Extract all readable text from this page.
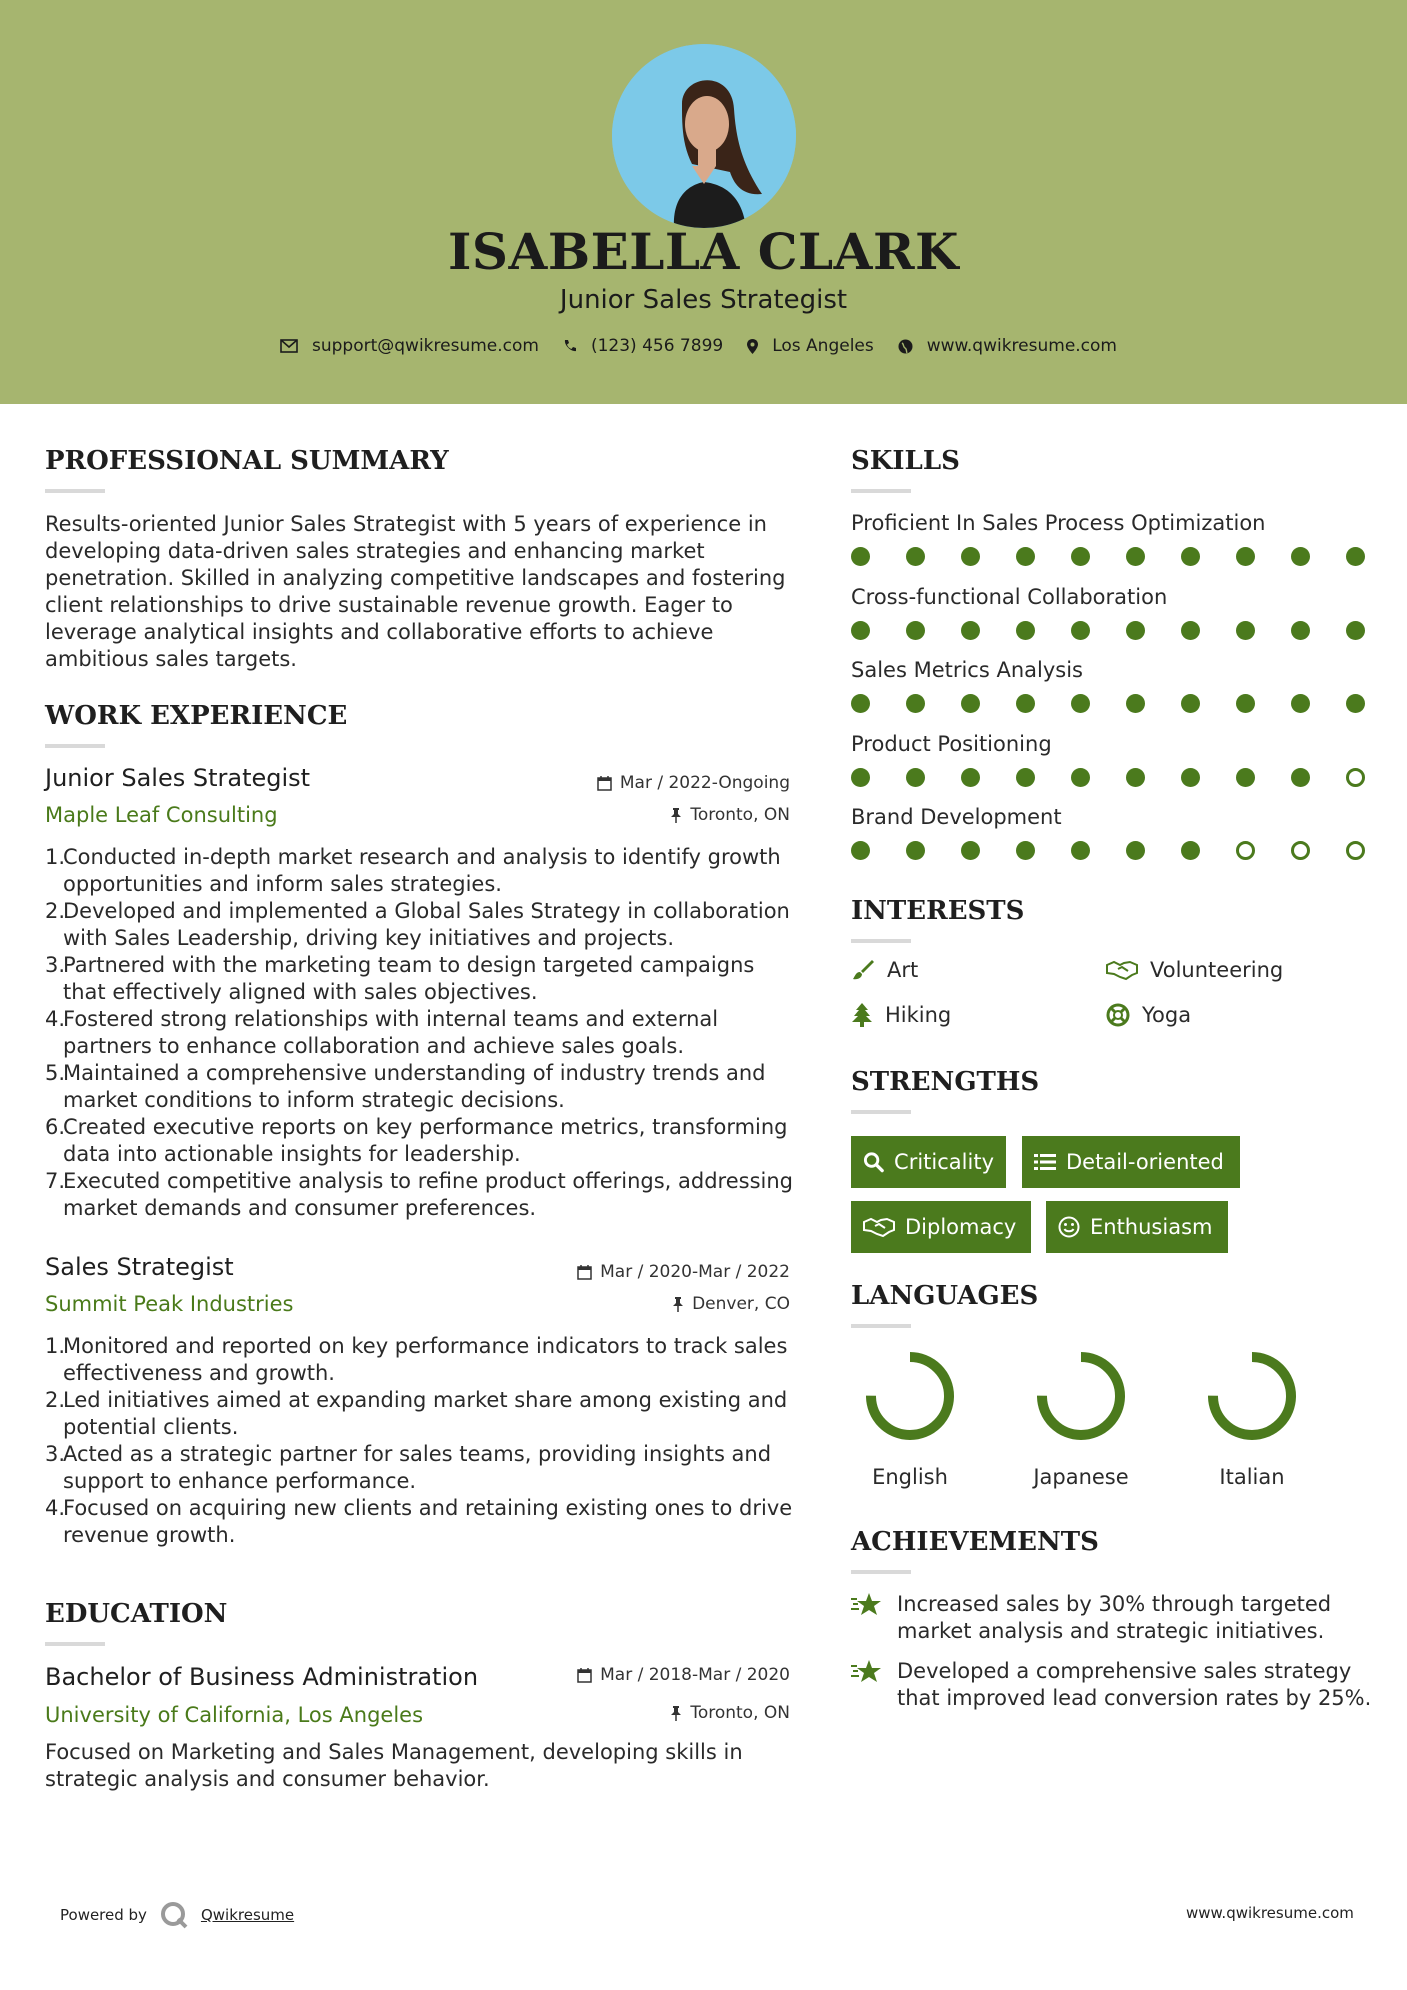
ISABELLA CLARK
Junior Sales Strategist
support@qwikresume.com	(123) 456 7899	Los Angeles	www.qwikresume.com
PROFESSIONAL SUMMARY
Results-oriented Junior Sales Strategist with 5 years of experience in
developing data-driven sales strategies and enhancing market
penetration. Skilled in analyzing competitive landscapes and fostering
client relationships to drive sustainable revenue growth. Eager to
leverage analytical insights and collaborative efforts to achieve
ambitious sales targets.
WORK EXPERIENCE
Junior Sales Strategist	Mar / 2022-Ongoing
Maple Leaf Consulting	Toronto, ON
1.
Conducted in-depth market research and analysis to identify growth
opportunities and inform sales strategies.
2.
Developed and implemented a Global Sales Strategy in collaboration
with Sales Leadership, driving key initiatives and projects.
3.
Partnered with the marketing team to design targeted campaigns
that effectively aligned with sales objectives.
4.
Fostered strong relationships with internal teams and external
partners to enhance collaboration and achieve sales goals.
5.
Maintained a comprehensive understanding of industry trends and
market conditions to inform strategic decisions.
6.
Created executive reports on key performance metrics, transforming
data into actionable insights for leadership.
7.
Executed competitive analysis to refine product offerings, addressing
market demands and consumer preferences.
Sales Strategist	Mar / 2020-Mar / 2022
Summit Peak Industries	Denver, CO
1.
Monitored and reported on key performance indicators to track sales
effectiveness and growth.
2.
Led initiatives aimed at expanding market share among existing and
potential clients.
3.
Acted as a strategic partner for sales teams, providing insights and
support to enhance performance.
4.
Focused on acquiring new clients and retaining existing ones to drive
revenue growth.
EDUCATION
Bachelor of Business Administration	Mar / 2018-Mar / 2020
University of California, Los Angeles	Toronto, ON
Focused on Marketing and Sales Management, developing skills in
strategic analysis and consumer behavior.
SKILLS
Proficient In Sales Process Optimization
Cross-functional Collaboration
Sales Metrics Analysis
Product Positioning
Brand Development
INTERESTS
Art	Volunteering
Hiking	Yoga
STRENGTHS
Criticality	Detail-oriented
Diplomacy	Enthusiasm
LANGUAGES
English	Japanese	Italian
ACHIEVEMENTS
Increased sales by 30% through targeted
market analysis and strategic initiatives.
Developed a comprehensive sales strategy
that improved lead conversion rates by 25%.
Powered by	Qwikresume	www.qwikresume.com
